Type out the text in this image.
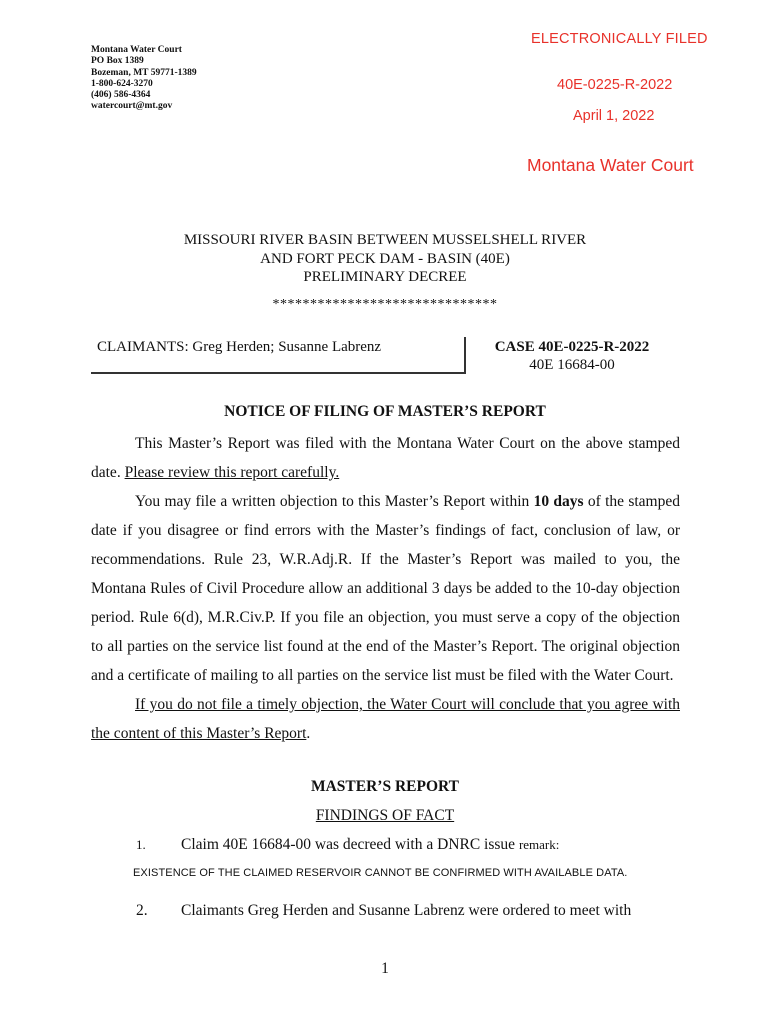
Montana Water Court
PO Box 1389
Bozeman, MT 59771-1389
1-800-624-3270
(406) 586-4364
watercourt@mt.gov
ELECTRONICALLY FILED
40E-0225-R-2022
April 1, 2022
Montana Water Court
MISSOURI RIVER BASIN BETWEEN MUSSELSHELL RIVER
AND FORT PECK DAM - BASIN (40E)
PRELIMINARY DECREE
******************************
CLAIMANTS: Greg Herden; Susanne Labrenz	CASE 40E-0225-R-2022
40E 16684-00
NOTICE OF FILING OF MASTER’S REPORT

This Master’s Report was filed with the Montana Water Court on the above stamped date. Please review this report carefully.

You may file a written objection to this Master’s Report within 10 days of the stamped date if you disagree or find errors with the Master’s findings of fact, conclusion of law, or recommendations. Rule 23, W.R.Adj.R. If the Master’s Report was mailed to you, the Montana Rules of Civil Procedure allow an additional 3 days be added to the 10-day objection period. Rule 6(d), M.R.Civ.P. If you file an objection, you must serve a copy of the objection to all parties on the service list found at the end of the Master’s Report. The original objection and a certificate of mailing to all parties on the service list must be filed with the Water Court.

If you do not file a timely objection, the Water Court will conclude that you agree with the content of this Master’s Report.

MASTER’S REPORT
FINDINGS OF FACT
1. Claim 40E 16684-00 was decreed with a DNRC issue remark:
EXISTENCE OF THE CLAIMED RESERVOIR CANNOT BE CONFIRMED WITH AVAILABLE DATA.
2. Claimants Greg Herden and Susanne Labrenz were ordered to meet with
1
